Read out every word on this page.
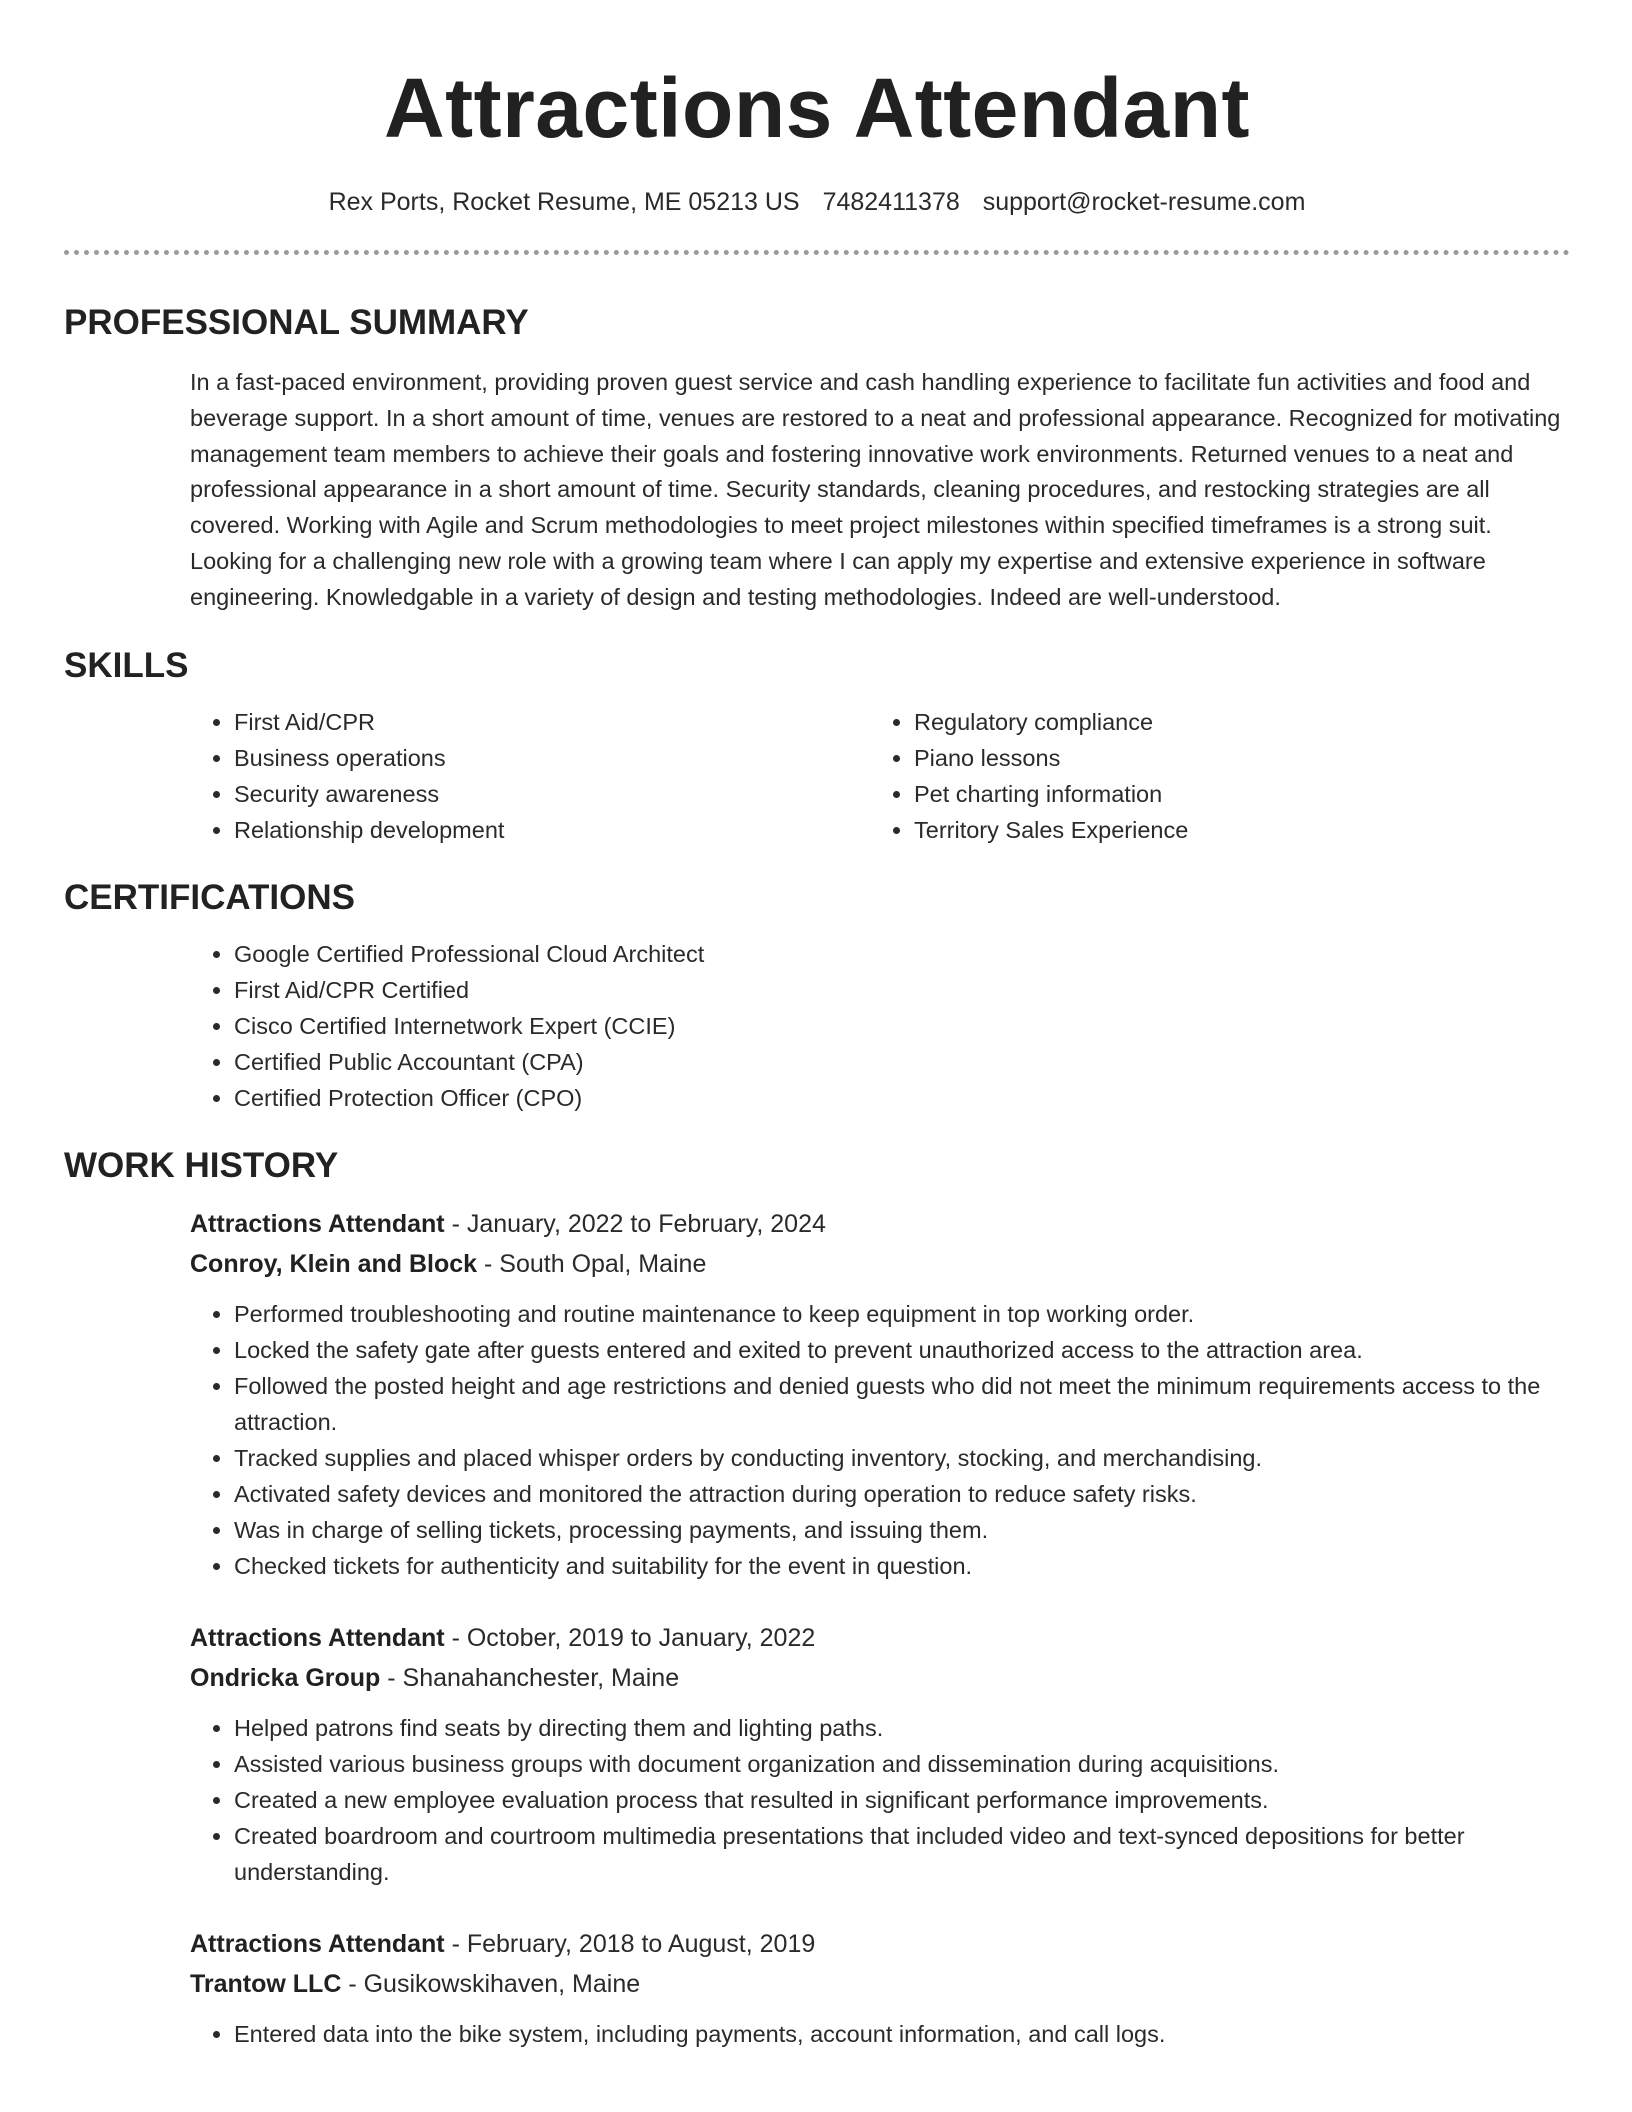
Attractions Attendant
Rex Ports, Rocket Resume, ME 05213 US 7482411378 support@rocket-resume.com
PROFESSIONAL SUMMARY

In a fast-paced environment, providing proven guest service and cash handling experience to facilitate fun activities and food and beverage support. In a short amount of time, venues are restored to a neat and professional appearance. Recognized for motivating management team members to achieve their goals and fostering innovative work environments. Returned venues to a neat and professional appearance in a short amount of time. Security standards, cleaning procedures, and restocking strategies are all covered. Working with Agile and Scrum methodologies to meet project milestones within specified timeframes is a strong suit. Looking for a challenging new role with a growing team where I can apply my expertise and extensive experience in software engineering. Knowledgable in a variety of design and testing methodologies. Indeed are well-understood.

SKILLS
• First Aid/CPR
• Business operations
• Security awareness
• Relationship development
• Regulatory compliance
• Piano lessons
• Pet charting information
• Territory Sales Experience
CERTIFICATIONS
• Google Certified Professional Cloud Architect
• First Aid/CPR Certified
• Cisco Certified Internetwork Expert (CCIE)
• Certified Public Accountant (CPA)
• Certified Protection Officer (CPO)
WORK HISTORY
Attractions Attendant - January, 2022 to February, 2024
Conroy, Klein and Block - South Opal, Maine
• Performed troubleshooting and routine maintenance to keep equipment in top working order.
• Locked the safety gate after guests entered and exited to prevent unauthorized access to the attraction area.
• Followed the posted height and age restrictions and denied guests who did not meet the minimum requirements access to the attraction.
• Tracked supplies and placed whisper orders by conducting inventory, stocking, and merchandising.
• Activated safety devices and monitored the attraction during operation to reduce safety risks.
• Was in charge of selling tickets, processing payments, and issuing them.
• Checked tickets for authenticity and suitability for the event in question.
Attractions Attendant - October, 2019 to January, 2022
Ondricka Group - Shanahanchester, Maine
• Helped patrons find seats by directing them and lighting paths.
• Assisted various business groups with document organization and dissemination during acquisitions.
• Created a new employee evaluation process that resulted in significant performance improvements.
• Created boardroom and courtroom multimedia presentations that included video and text-synced depositions for better understanding.
Attractions Attendant - February, 2018 to August, 2019
Trantow LLC - Gusikowskihaven, Maine
• Entered data into the bike system, including payments, account information, and call logs.
